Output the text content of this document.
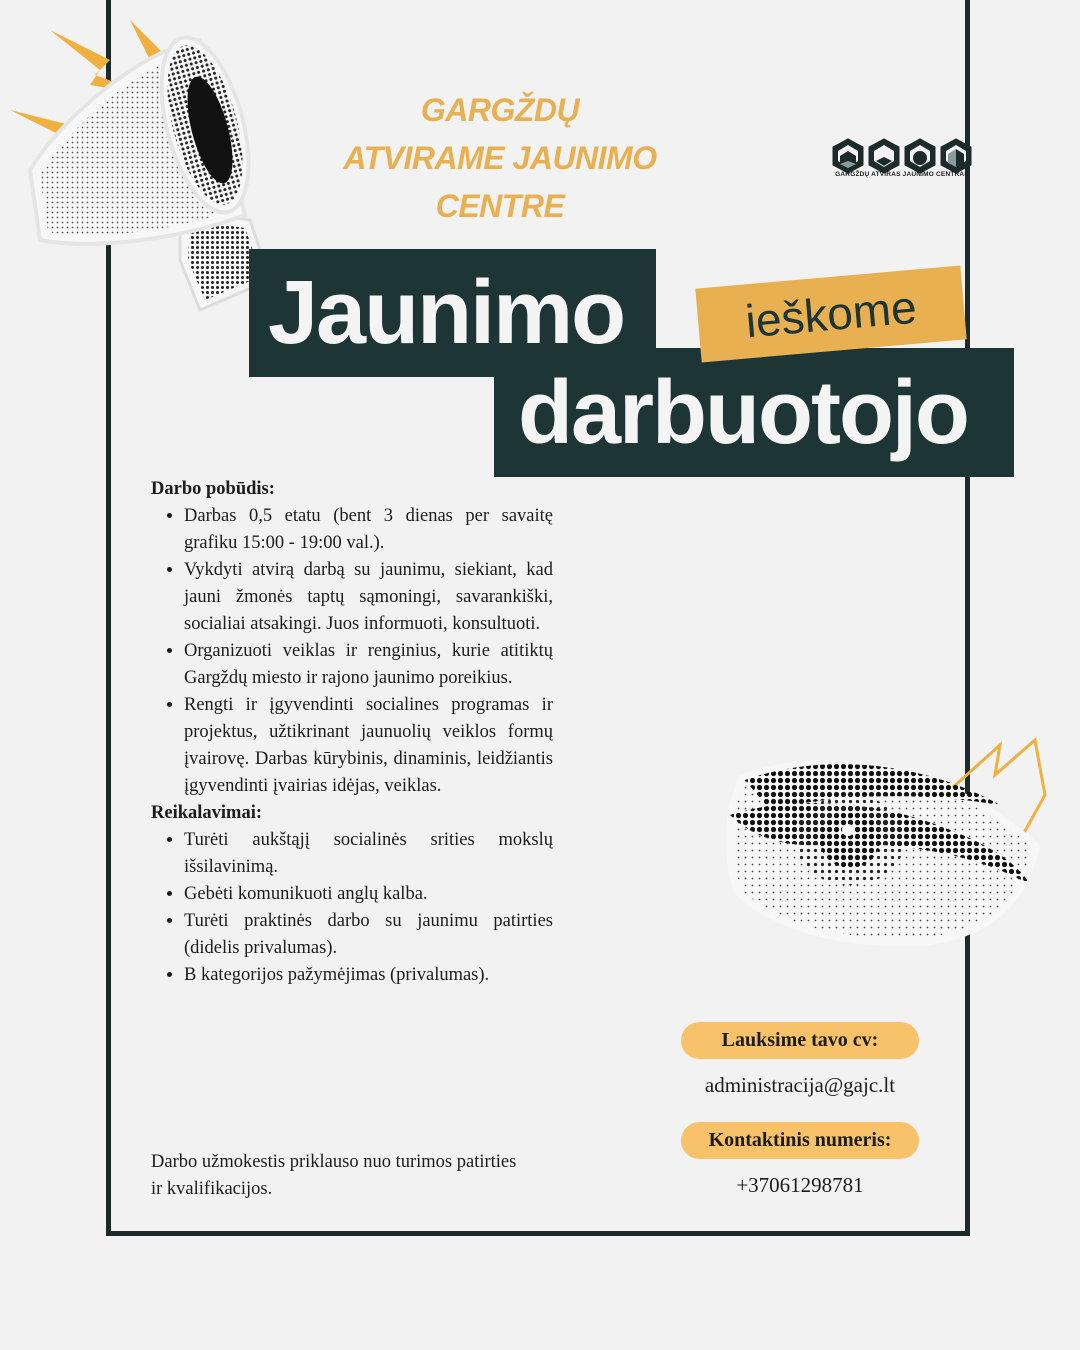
GARGŽDŲ
ATVIRAME JAUNIMO
CENTRE
GARGŽDŲ ATVIRAS JAUNIMO CENTRAS
Jaunimo
darbuotojo
ieškome
Darbo pobūdis:
• Darbas 0,5 etatu (bent 3 dienas per savaitę grafiku 15:00 - 19:00 val.).
• Vykdyti atvirą darbą su jaunimu, siekiant, kad jauni žmonės taptų sąmoningi, savarankiški, socialiai atsakingi. Juos informuoti, konsultuoti.
• Organizuoti veiklas ir renginius, kurie atitiktų Gargždų miesto ir rajono jaunimo poreikius.
• Rengti ir įgyvendinti socialines programas ir projektus, užtikrinant jaunuolių veiklos formų įvairovę. Darbas kūrybinis, dinaminis, leidžiantis įgyvendinti įvairias idėjas, veiklas.
Reikalavimai:
• Turėti aukštąjį socialinės srities mokslų išsilavinimą.
• Gebėti komunikuoti anglų kalba.
• Turėti praktinės darbo su jaunimu patirties (didelis privalumas).
• B kategorijos pažymėjimas (privalumas).
Darbo užmokestis priklauso nuo turimos patirties ir kvalifikacijos.
Lauksime tavo cv:
administracija@gajc.lt
Kontaktinis numeris:
+37061298781
